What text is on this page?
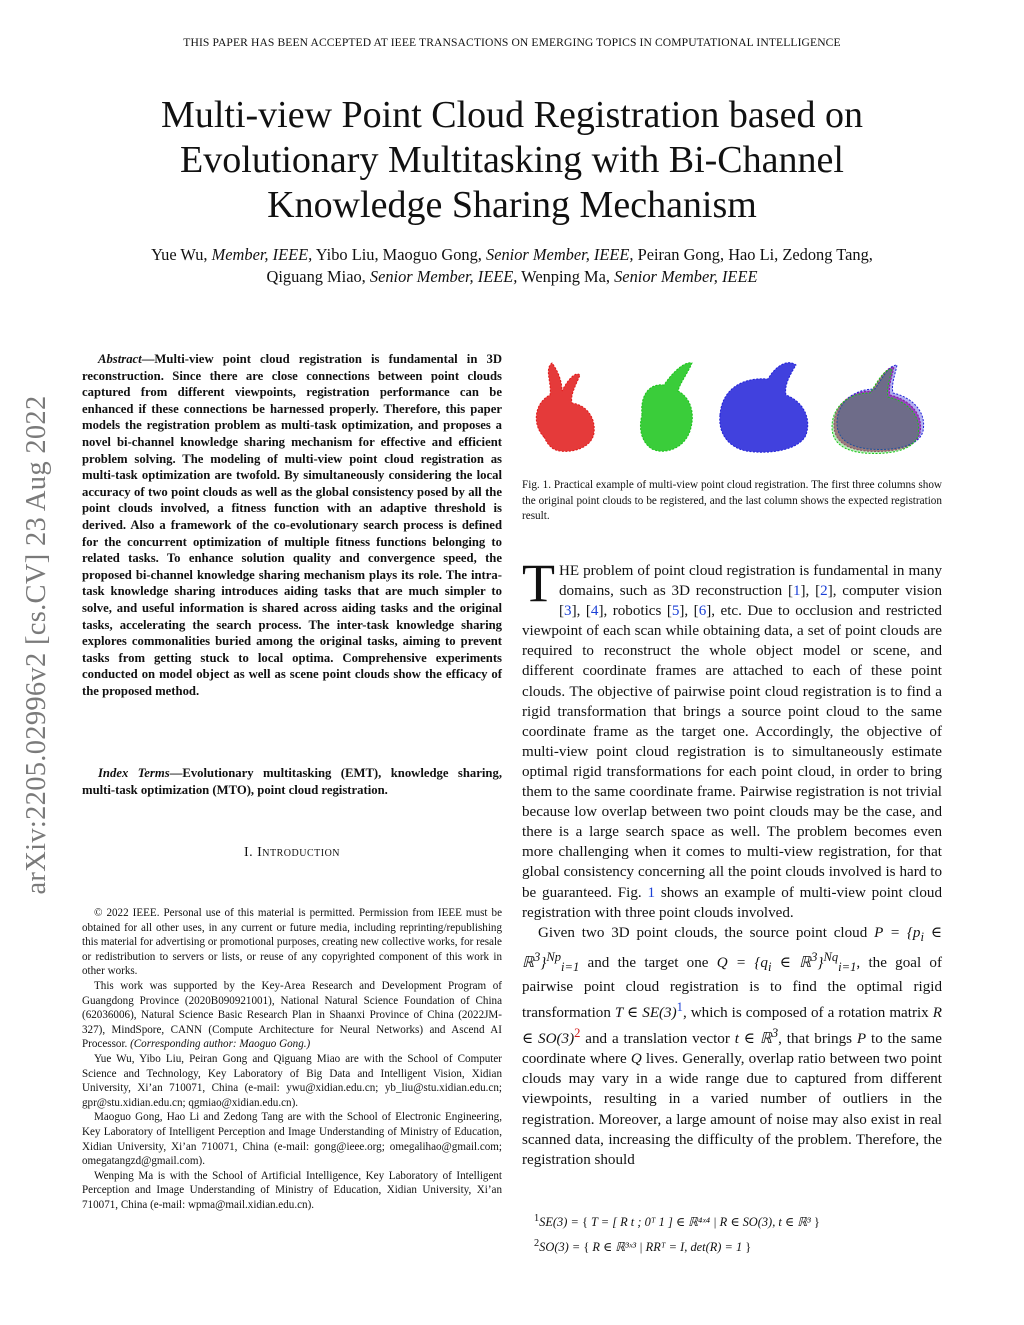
THIS PAPER HAS BEEN ACCEPTED AT IEEE TRANSACTIONS ON EMERGING TOPICS IN COMPUTATIONAL INTELLIGENCE
Multi-view Point Cloud Registration based on Evolutionary Multitasking with Bi-Channel Knowledge Sharing Mechanism
Yue Wu, Member, IEEE, Yibo Liu, Maoguo Gong, Senior Member, IEEE, Peiran Gong, Hao Li, Zedong Tang,
Qiguang Miao, Senior Member, IEEE, Wenping Ma, Senior Member, IEEE
arXiv:2205.02996v2 [cs.CV] 23 Aug 2022
Abstract—Multi-view point cloud registration is fundamental in 3D reconstruction. Since there are close connections between point clouds captured from different viewpoints, registration performance can be enhanced if these connections be harnessed properly. Therefore, this paper models the registration problem as multi-task optimization, and proposes a novel bi-channel knowledge sharing mechanism for effective and efficient problem solving. The modeling of multi-view point cloud registration as multi-task optimization are twofold. By simultaneously considering the local accuracy of two point clouds as well as the global consistency posed by all the point clouds involved, a fitness function with an adaptive threshold is derived. Also a framework of the co-evolutionary search process is defined for the concurrent optimization of multiple fitness functions belonging to related tasks. To enhance solution quality and convergence speed, the proposed bi-channel knowledge sharing mechanism plays its role. The intra-task knowledge sharing introduces aiding tasks that are much simpler to solve, and useful information is shared across aiding tasks and the original tasks, accelerating the search process. The inter-task knowledge sharing explores commonalities buried among the original tasks, aiming to prevent tasks from getting stuck to local optima. Comprehensive experiments conducted on model object as well as scene point clouds show the efficacy of the proposed method.
Index Terms—Evolutionary multitasking (EMT), knowledge sharing, multi-task optimization (MTO), point cloud registration.
I. Introduction
© 2022 IEEE. Personal use of this material is permitted. Permission from IEEE must be obtained for all other uses, in any current or future media, including reprinting/republishing this material for advertising or promotional purposes, creating new collective works, for resale or redistribution to servers or lists, or reuse of any copyrighted component of this work in other works.
This work was supported by the Key-Area Research and Development Program of Guangdong Province (2020B090921001), National Natural Science Foundation of China (62036006), Natural Science Basic Research Plan in Shaanxi Province of China (2022JM-327), MindSpore, CANN (Compute Architecture for Neural Networks) and Ascend AI Processor. (Corresponding author: Maoguo Gong.)
Yue Wu, Yibo Liu, Peiran Gong and Qiguang Miao are with the School of Computer Science and Technology, Key Laboratory of Big Data and Intelligent Vision, Xidian University, Xi’an 710071, China (e-mail: ywu@xidian.edu.cn; yb_liu@stu.xidian.edu.cn; gpr@stu.xidian.edu.cn; qgmiao@xidian.edu.cn).
Maoguo Gong, Hao Li and Zedong Tang are with the School of Electronic Engineering, Key Laboratory of Intelligent Perception and Image Understanding of Ministry of Education, Xidian University, Xi’an 710071, China (e-mail: gong@ieee.org; omegalihao@gmail.com; omegatangzd@gmail.com).
Wenping Ma is with the School of Artificial Intelligence, Key Laboratory of Intelligent Perception and Image Understanding of Ministry of Education, Xidian University, Xi’an 710071, China (e-mail: wpma@mail.xidian.edu.cn).
Fig. 1. Practical example of multi-view point cloud registration. The first three columns show the original point clouds to be registered, and the last column shows the expected registration result.

THE problem of point cloud registration is fundamental in many domains, such as 3D reconstruction [1], [2], computer vision [3], [4], robotics [5], [6], etc. Due to occlusion and restricted viewpoint of each scan while obtaining data, a set of point clouds are required to reconstruct the whole object model or scene, and different coordinate frames are attached to each of these point clouds. The objective of pairwise point cloud registration is to find a rigid transformation that brings a source point cloud to the same coordinate frame as the target one. Accordingly, the objective of multi-view point cloud registration is to simultaneously estimate optimal rigid transformations for each point cloud, in order to bring them to the same coordinate frame. Pairwise registration is not trivial because low overlap between two point clouds may be the case, and there is a large search space as well. The problem becomes even more challenging when it comes to multi-view registration, for that global consistency concerning all the point clouds involved is hard to be guaranteed. Fig. 1 shows an example of multi-view point cloud registration with three point clouds involved.

Given two 3D point clouds, the source point cloud $P = \{p_i$ ∈ ℝ$^3$}$^{Np}_{i=1}$ and the target one $Q = \{q_i$ ∈ ℝ$^3$}$^{Nq}_{i=1}$, the goal of pairwise point cloud registration is to find the optimal rigid transformation T ∈ $SE(3)^1$, which is composed of a rotation matrix R ∈ $SO(3)^2$ and a translation vector t ∈ ℝ$^3$, that brings P to the same coordinate where Q lives. Generally, overlap ratio between two point clouds may vary in a wide range due to captured from different viewpoints, resulting in a varied number of outliers in the registration. Moreover, a large amount of noise may also exist in real scanned data, increasing the difficulty of the problem. Therefore, the registration should

$^1$SE(3) = { T = [ R t ; 0ᵀ 1 ] ∈ ℝ⁴ˣ⁴ | R ∈ SO(3), t ∈ ℝ³ }
$^2$SO(3) = { R ∈ ℝ³ˣ³ | RRᵀ = I, det(R) = 1 }
